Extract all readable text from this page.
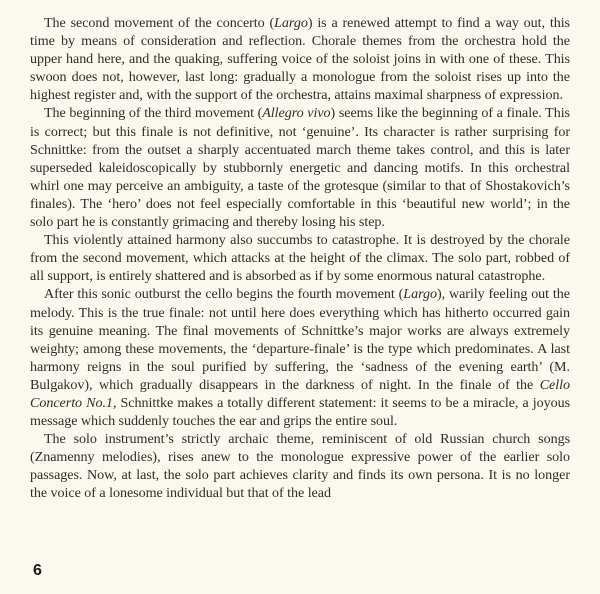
The second movement of the concerto (Largo) is a renewed attempt to find a way out, this time by means of consideration and reflection. Chorale themes from the orchestra hold the upper hand here, and the quaking, suffering voice of the soloist joins in with one of these. This swoon does not, however, last long: gradually a monologue from the soloist rises up into the highest register and, with the support of the orchestra, attains maximal sharpness of expression.

The beginning of the third movement (Allegro vivo) seems like the beginning of a finale. This is correct; but this finale is not definitive, not ‘genuine’. Its character is rather surprising for Schnittke: from the outset a sharply accentuated march theme takes control, and this is later superseded kaleidoscopically by stubbornly energetic and dancing motifs. In this orchestral whirl one may perceive an ambiguity, a taste of the grotesque (similar to that of Shostakovich’s finales). The ‘hero’ does not feel especially comfortable in this ‘beautiful new world’; in the solo part he is constantly grimacing and thereby losing his step.

This violently attained harmony also succumbs to catastrophe. It is destroyed by the chorale from the second movement, which attacks at the height of the climax. The solo part, robbed of all support, is entirely shattered and is absorbed as if by some enormous natural catastrophe.

After this sonic outburst the cello begins the fourth movement (Largo), warily feeling out the melody. This is the true finale: not until here does everything which has hitherto occurred gain its genuine meaning. The final movements of Schnittke’s major works are always extremely weighty; among these movements, the ‘departure-finale’ is the type which predominates. A last harmony reigns in the soul purified by suffering, the ‘sadness of the evening earth’ (M. Bulgakov), which gradually disappears in the darkness of night. In the finale of the Cello Concerto No.1, Schnittke makes a totally different statement: it seems to be a miracle, a joyous message which suddenly touches the ear and grips the entire soul.

The solo instrument’s strictly archaic theme, reminiscent of old Russian church songs (Znamenny melodies), rises anew to the monologue expressive power of the earlier solo passages. Now, at last, the solo part achieves clarity and finds its own persona. It is no longer the voice of a lonesome individual but that of the lead

6
